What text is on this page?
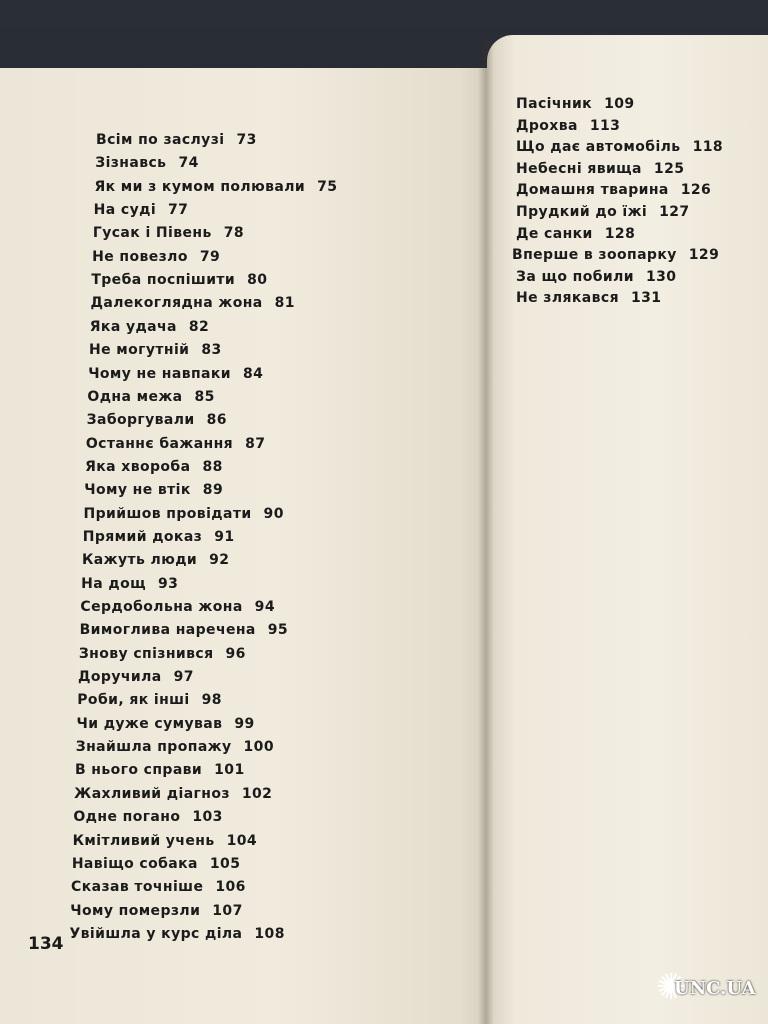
Всім по заслузі 73
Зізнавсь 74
Як ми з кумом полювали 75
На суді 77
Гусак і Півень 78
Не повезло 79
Треба поспішити 80
Далекоглядна жона 81
Яка удача 82
Не могутній 83
Чому не навпаки 84
Одна межа 85
Заборгували 86
Останнє бажання 87
Яка хвороба 88
Чому не втік 89
Прийшов провідати 90
Прямий доказ 91
Кажуть люди 92
На дощ 93
Сердобольна жона 94
Вимоглива наречена 95
Знову спізнився 96
Доручила 97
Роби, як інші 98
Чи дуже сумував 99
Знайшла пропажу 100
В нього справи 101
Жахливий діагноз 102
Одне погано 103
Кмітливий учень 104
Навіщо собака 105
Сказав точніше 106
Чому померзли 107
Увійшла у курс діла 108
Пасічник 109
Дрохва 113
Що дає автомобіль 118
Небесні явища 125
Домашня тварина 126
Прудкий до їжі 127
Де санки 128
Вперше в зоопарку 129
За що побили 130
Не злякався 131
134
✺
UNC.UA
